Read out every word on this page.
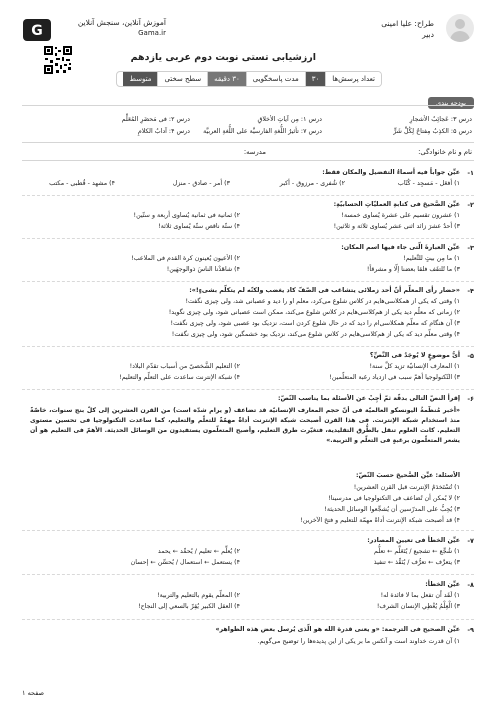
G
آموزش آنلاین، سنجش آنلاین
Gama.ir
طراح: علیا امینی
دبیر
ارزشیابی تستی نوبت دوم عربی یازدهم
تعداد پرسش‌ها
۳۰
مدت پاسخگویی
۳۰ دقیقه
سطح سختی
متوسط
بودجه بندی
درس ۳: عَجائِبُ الأشجارِ
درس ۱: مِن آیاتِ الأخلاقِ
درس ۲: فی مَحضَرِ المُعَلِّم
درس ۵: الکذِبُ مِفتاحُ لِکُلِّ شَرٍّ
درس ۷: تأثیرُ اللُّغةِ الفارسیَّة علی اللُّغةِ العربیَّة
درس ۴: آدابُ الکلامِ
نام و نام خانوادگی:
مدرسه:
۱-
عیِّن جواباً فیه أسماءُ التفضیل والمکان فقط:
۱) أفعَل - مَسجِد - کُتّاب
۲) شُفری - مرزوق - أکبر
۳) أمر - صادق - منزل
۴) مشهد - قُطبی - مکتب
۲-
عیِّن الصَّحیحَ فی کتابةِ العملیّاتِ الحسابیّةِ:
۱) عشرون تقسیم علی عشرة یُساوی خمسة!
۲) ثمانیة فی ثمانیة یُساوی أربعة و ستّین!
۳) أحدٌ عشرَ زائد اثنی عشر یُساوی ثلاثة و ثلاثین!
۴) ستّة ناقص ستّة یُساوی ثلاثة!
۳-
عیِّن العبارةَ الّتی جاء فیها اسم المکان:
۱) ما مِن بیتٍ للتَّعلیم!
۲) الأعیون یُعینون کرة القدم فی الملاعب!
۳) ما تُلتقَف فلقا بعضنا إلّا و مشرقاً!
۴) شاهَدْنا الناسَ ذوالوجهَین!
۴-
«حضار رأی المعلّم أنّ أحد زملائی یتشاغب فی الصّفّ کاد یغضب ولکنّه لم یتکلّم بشیءٍ!»:
۱) وقتی که یکی از همکلاسی‌هایم در کلاس شلوغ می‌کرد، معلم او را دید و عصبانی شد، ولی چیزی نگفت!
۲) زمانی که معلّم دید یکی از هم‌کلاسی‌هایم در کلاس شلوغ می‌کند، ممکن است عصبانی شود، ولی چیزی نگوید!
۳) آن هنگام که معلّم همکلاسی‌ام را دید که در حال شلوغ کردن است، نزدیک بود عصبی شود، ولی چیزی نگفت!
۴) وقتی معلّم دید که یکی از هم‌کلاسی‌هایم در کلاس شلوغ می‌کند، نزدیک بود خشمگین شود، ولی چیزی نگفت!
۵-
أیُّ موضوعٍ لا یُوجَدُ فی النَّصِّ؟
۱) المعارف الإنسانیّة تزید کلَّ سنة!
۲) التعلیم الشَّخصیّ من أسباب تقدّم البلاد!
۳) التّکنولوجیا أهمّ سبب فی ازدیاد رغبة المتعلّمین!
۴) شبکة الإنترنت ساعدت علی التعلّم والتعلیم!
۶-
إقرأ النصّ التالی بدقّة ثمّ أجِبْ عن الأسئلة بما یناسب النّصّ:
«أخبر مُنظَّمةُ الیونسکو العالمیّة فی أنّ حجم المعارف الإنسانیّة قد تضاعف (و یرام شدّه است) من القرن العشرین إلی کلّ بنج سنوات، خاصّةً منذ استخدام شبکة الإنترنت. فی هذا القرن أصبحت شبکة الإنترنت أداةً مهمّةً للتعلّم والتعلیم، کما ساعدت التکنولوجیا فی تحسین مستوی التعلیم. کانت العلوم تنقل بالطُّرق التقلیدیة، فتغیّرت طرق التعلیم، وأصبح المتعلّمون یستفیدون من الوسائل الحدیثة. الأهمّ فی التعلیم هو أن یشعر المتعلّمون برغبةٍ فی التعلّم و التربیة.»
الأسئلة: عیِّن الصَّحیحَ حسبَ النّصّ:
۱) تُسْتَخدَمُ الإنترنت قبل القرن العشرین!
۲) لا یُمکن أن تُضاعف فی التکنولوجیا فی مدرسینا!
۳) یُحِبُّ علی المدرّسین أن یُشجِّعوا الوسائل الحدیثة!
۴) قد أصبحت شبکة الإنترنت أداةً مهمّة للتعلیم و فتحَ الآخرین!
۷-
عیِّن الخطأ فی تعیین المصادر:
۱) شُجِّع ← تشجیع / یُتَعَلَّم ← تعلُّم
۲) یُعلِّم ← تعلیم / یُحمِّد ← یحمد
۳) یتعرَّف ← تعرُّف / یُنَفِّذ ← تنفیذ
۴) یستعمل ← استعمال / یُحسِّن ← إحسان
۸-
عیِّن الخطأ:
۱) لَقَد اُن تفعل بما لا فائدة له!
۲) المعلّم یقوم بالتعلیم والتربیة!
۳) الْعِلْمُ یُعْطِي الإنسان الشرف!
۴) العقل الکبیر یُقِرّ بالسعي إلی النجاح!
۹-
عیِّن الصحیح فی الترجمة: «و یعنی قدرة الله هو الّذی یُرسل بعض هذه الظواهر»
۱) آن قدرت خداوند است و آنکس ما بر یکی از این پدیده‌ها را توضیح می‌گویم.
صفحه ۱
